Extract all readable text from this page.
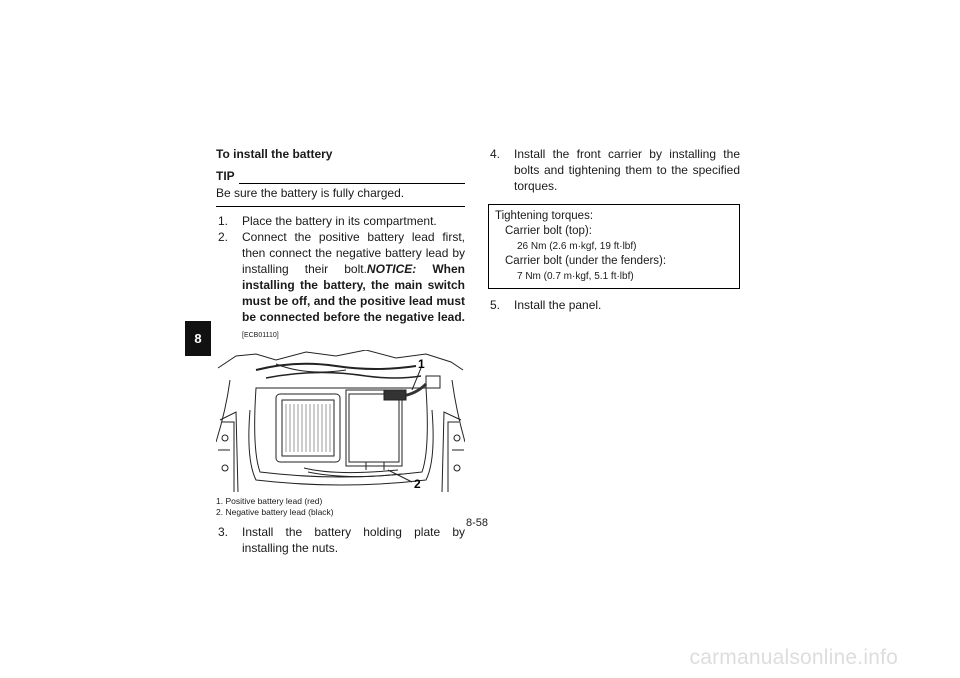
8

To install the battery

TIP

Be sure the battery is fully charged.

1.	Place the battery in its compartment.
2.	Connect the positive battery lead first, then connect the negative battery lead by installing their bolt.NOTICE: When installing the battery, the main switch must be off, and the positive lead must be connected before the negative lead. [ECB01110]
1
2
1. Positive battery lead (red)
2. Negative battery lead (black)
3.	Install the battery holding plate by installing the nuts.
4.	Install the front carrier by installing the bolts and tightening them to the specified torques.
Tightening torques:
Carrier bolt (top):
26 Nm (2.6 m·kgf, 19 ft·lbf)
Carrier bolt (under the fenders):
7 Nm (0.7 m·kgf, 5.1 ft·lbf)
5.	Install the panel.
8-58
carmanualsonline.info
